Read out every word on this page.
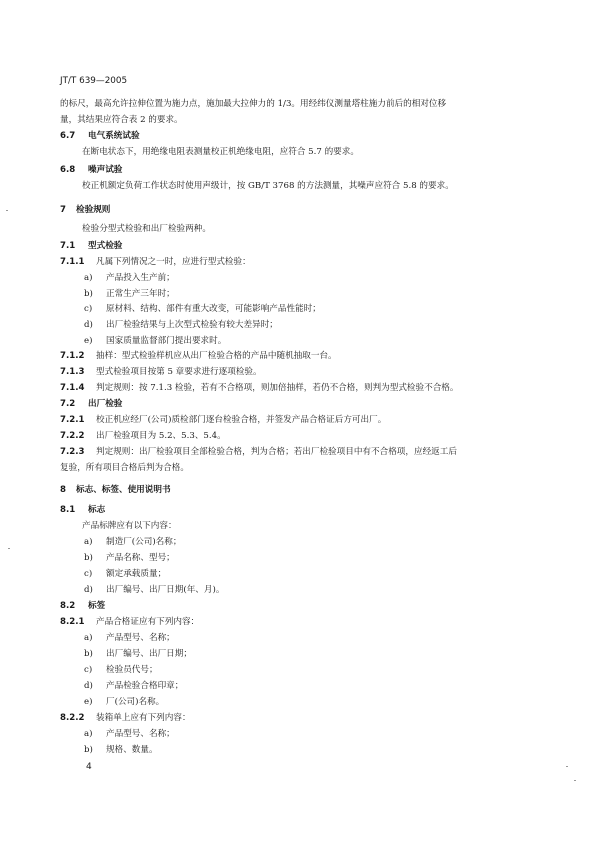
JT/T 639—2005
的标尺，最高允许拉伸位置为施力点，施加最大拉伸力的 1/3。用经纬仪测量塔柱施力前后的相对位移
量，其结果应符合表 2 的要求。
6.7 电气系统试验
在断电状态下，用绝缘电阻表测量校正机绝缘电阻，应符合 5.7 的要求。
6.8 噪声试验
校正机额定负荷工作状态时使用声级计，按 GB/T 3768 的方法测量，其噪声应符合 5.8 的要求。
7 检验规则
检验分型式检验和出厂检验两种。
7.1 型式检验
7.1.1 凡属下列情况之一时，应进行型式检验：
a) 产品投入生产前；
b) 正常生产三年时；
c) 原材料、结构、部件有重大改变，可能影响产品性能时；
d) 出厂检验结果与上次型式检验有较大差异时；
e) 国家质量监督部门提出要求时。
7.1.2 抽样：型式检验样机应从出厂检验合格的产品中随机抽取一台。
7.1.3 型式检验项目按第 5 章要求进行逐项检验。
7.1.4 判定规则：按 7.1.3 检验，若有不合格项，则加倍抽样，若仍不合格，则判为型式检验不合格。
7.2 出厂检验
7.2.1 校正机应经厂(公司)质检部门逐台检验合格，并签发产品合格证后方可出厂。
7.2.2 出厂检验项目为 5.2、5.3、5.4。
7.2.3 判定规则：出厂检验项目全部检验合格，判为合格；若出厂检验项目中有不合格项，应经返工后
复验，所有项目合格后判为合格。
8 标志、标签、使用说明书
8.1 标志
产品标牌应有以下内容：
a) 制造厂(公司)名称；
b) 产品名称、型号；
c) 额定承载质量；
d) 出厂编号、出厂日期(年、月)。
8.2 标签
8.2.1 产品合格证应有下列内容：
a) 产品型号、名称；
b) 出厂编号、出厂日期；
c) 检验员代号；
d) 产品检验合格印章；
e) 厂(公司)名称。
8.2.2 装箱单上应有下列内容：
a) 产品型号、名称；
b) 规格、数量。
4
